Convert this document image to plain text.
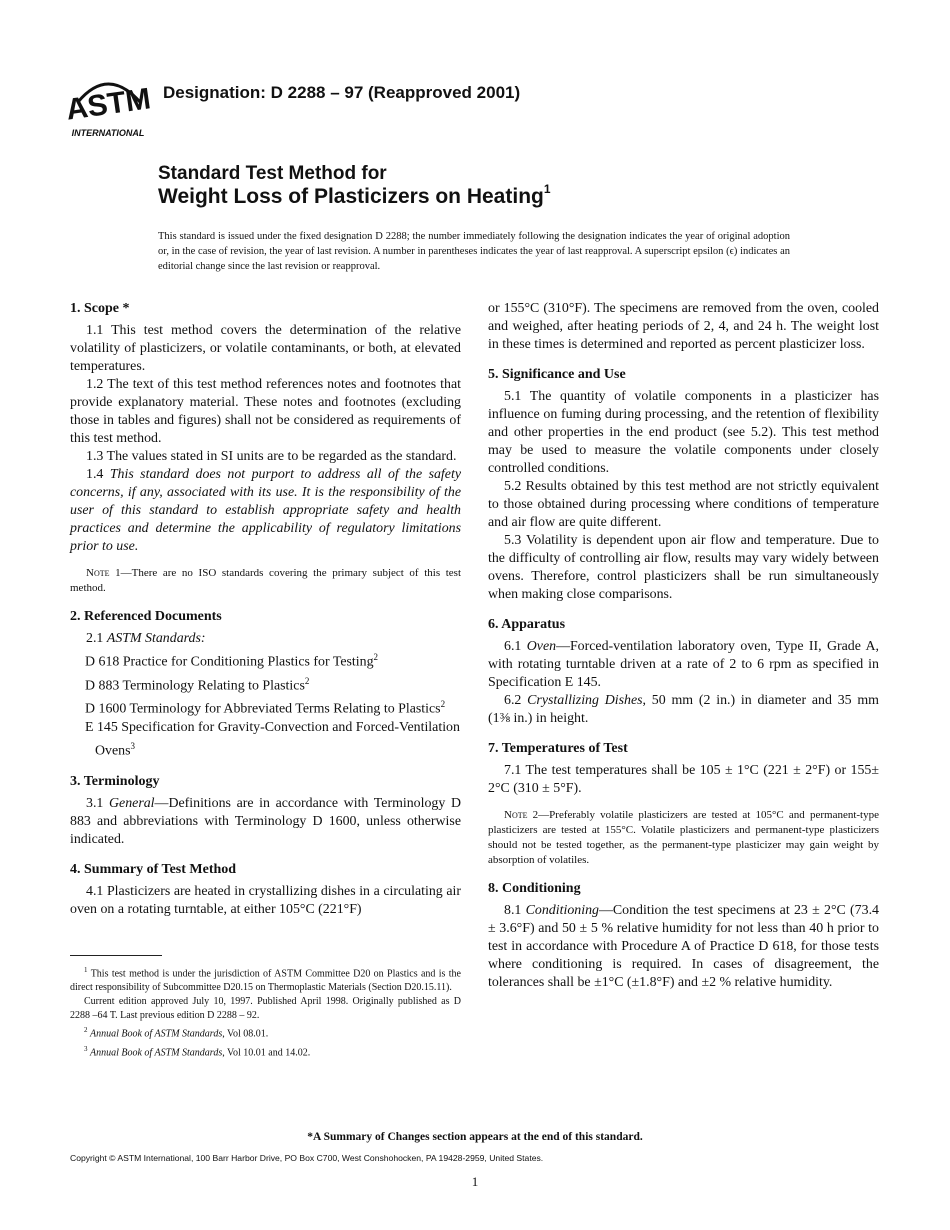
ASTM
INTERNATIONAL
Designation: D 2288 – 97 (Reapproved 2001)
Standard Test Method for
Weight Loss of Plasticizers on Heating$^1$
This standard is issued under the fixed designation D 2288; the number immediately following the designation indicates the year of original adoption or, in the case of revision, the year of last revision. A number in parentheses indicates the year of last reapproval. A superscript epsilon (ϵ) indicates an editorial change since the last revision or reapproval.
1. Scope *

1.1 This test method covers the determination of the relative volatility of plasticizers, or volatile contaminants, or both, at elevated temperatures.

1.2 The text of this test method references notes and footnotes that provide explanatory material. These notes and footnotes (excluding those in tables and figures) shall not be considered as requirements of this test method.

1.3 The values stated in SI units are to be regarded as the standard.

1.4 This standard does not purport to address all of the safety concerns, if any, associated with its use. It is the responsibility of the user of this standard to establish appropriate safety and health practices and determine the applicability of regulatory limitations prior to use.

Note 1—There are no ISO standards covering the primary subject of this test method.

2. Referenced Documents

2.1 ASTM Standards:

D 618 Practice for Conditioning Plastics for Testing$^2$

D 883 Terminology Relating to Plastics$^2$

D 1600 Terminology for Abbreviated Terms Relating to Plastics$^2$

E 145 Specification for Gravity-Convection and Forced-Ventilation Ovens$^3$

3. Terminology

3.1 General—Definitions are in accordance with Terminology D 883 and abbreviations with Terminology D 1600, unless otherwise indicated.

4. Summary of Test Method

4.1 Plasticizers are heated in crystallizing dishes in a circulating air oven on a rotating turntable, at either 105°C (221°F)

$^1$ This test method is under the jurisdiction of ASTM Committee D20 on Plastics and is the direct responsibility of Subcommittee D20.15 on Thermoplastic Materials (Section D20.15.11).

Current edition approved July 10, 1997. Published April 1998. Originally published as D 2288 –64 T. Last previous edition D 2288 – 92.

$^2$ Annual Book of ASTM Standards, Vol 08.01.

$^3$ Annual Book of ASTM Standards, Vol 10.01 and 14.02.

or 155°C (310°F). The specimens are removed from the oven, cooled and weighed, after heating periods of 2, 4, and 24 h. The weight lost in these times is determined and reported as percent plasticizer loss.

5. Significance and Use

5.1 The quantity of volatile components in a plasticizer has influence on fuming during processing, and the retention of flexibility and other properties in the end product (see 5.2). This test method may be used to measure the volatile components under closely controlled conditions.

5.2 Results obtained by this test method are not strictly equivalent to those obtained during processing where conditions of temperature and air flow are quite different.

5.3 Volatility is dependent upon air flow and temperature. Due to the difficulty of controlling air flow, results may vary widely between ovens. Therefore, control plasticizers shall be run simultaneously when making close comparisons.

6. Apparatus

6.1 Oven—Forced-ventilation laboratory oven, Type II, Grade A, with rotating turntable driven at a rate of 2 to 6 rpm as specified in Specification E 145.

6.2 Crystallizing Dishes, 50 mm (2 in.) in diameter and 35 mm (1⅜ in.) in height.

7. Temperatures of Test

7.1 The test temperatures shall be 105 ± 1°C (221 ± 2°F) or 155± 2°C (310 ± 5°F).

Note 2—Preferably volatile plasticizers are tested at 105°C and permanent-type plasticizers are tested at 155°C. Volatile plasticizers and permanent-type plasticizers should not be tested together, as the permanent-type plasticizer may gain weight by absorption of volatiles.

8. Conditioning

8.1 Conditioning—Condition the test specimens at 23 ± 2°C (73.4 ± 3.6°F) and 50 ± 5 % relative humidity for not less than 40 h prior to test in accordance with Procedure A of Practice D 618, for those tests where conditioning is required. In cases of disagreement, the tolerances shall be ±1°C (±1.8°F) and ±2 % relative humidity.

*A Summary of Changes section appears at the end of this standard.
Copyright © ASTM International, 100 Barr Harbor Drive, PO Box C700, West Conshohocken, PA 19428-2959, United States.
1
